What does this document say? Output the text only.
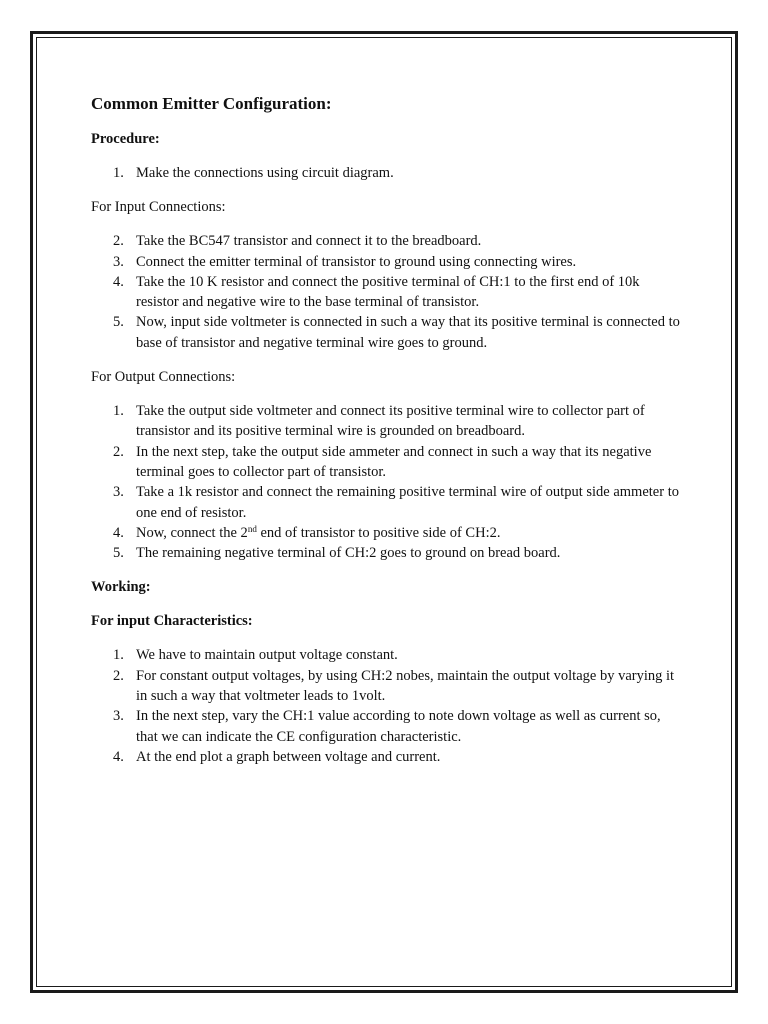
Common Emitter Configuration:

Procedure:

1. Make the connections using circuit diagram.

For Input Connections:

2. Take the BC547 transistor and connect it to the breadboard.
3. Connect the emitter terminal of transistor to ground using connecting wires.
4. Take the 10 K resistor and connect the positive terminal of CH:1 to the first end of 10k resistor and negative wire to the base terminal of transistor.
5. Now, input side voltmeter is connected in such a way that its positive terminal is connected to base of transistor and negative terminal wire goes to ground.

For Output Connections:

1. Take the output side voltmeter and connect its positive terminal wire to collector part of transistor and its positive terminal wire is grounded on breadboard.
2. In the next step, take the output side ammeter and connect in such a way that its negative terminal goes to collector part of transistor.
3. Take a 1k resistor and connect the remaining positive terminal wire of output side ammeter to one end of resistor.
4. Now, connect the 2nd end of transistor to positive side of CH:2.
5. The remaining negative terminal of CH:2 goes to ground on bread board.

Working:

For input Characteristics:

1. We have to maintain output voltage constant.
2. For constant output voltages, by using CH:2 nobes, maintain the output voltage by varying it in such a way that voltmeter leads to 1volt.
3. In the next step, vary the CH:1 value according to note down voltage as well as current so, that we can indicate the CE configuration characteristic.
4. At the end plot a graph between voltage and current.
